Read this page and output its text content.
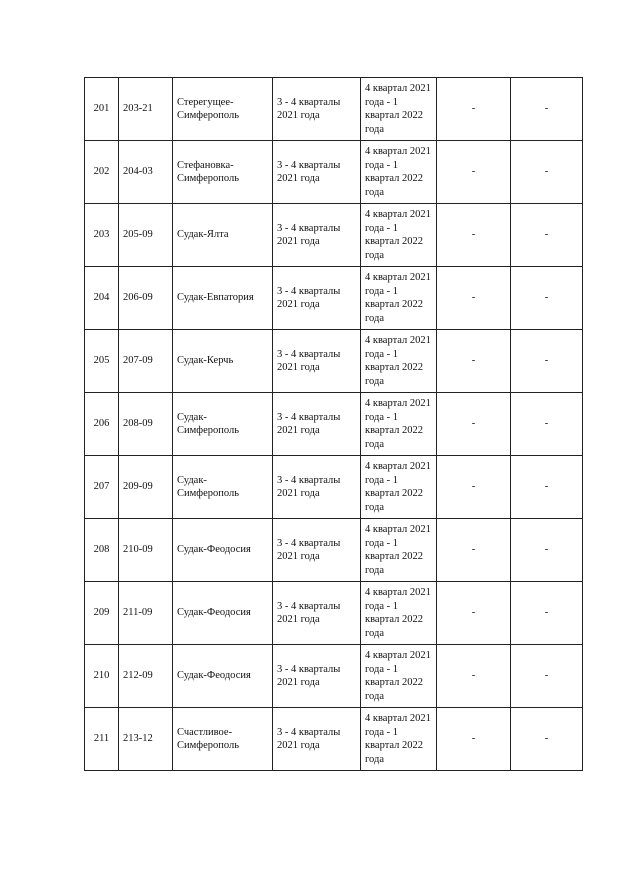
201	203-21	Стерегущее-Симферополь	3 - 4 кварталы 2021 года	4 квартал 2021 года - 1 квартал 2022 года	-	-
202	204-03	Стефановка-Симферополь	3 - 4 кварталы 2021 года	4 квартал 2021 года - 1 квартал 2022 года	-	-
203	205-09	Судак-Ялта	3 - 4 кварталы 2021 года	4 квартал 2021 года - 1 квартал 2022 года	-	-
204	206-09	Судак-Евпатория	3 - 4 кварталы 2021 года	4 квартал 2021 года - 1 квартал 2022 года	-	-
205	207-09	Судак-Керчь	3 - 4 кварталы 2021 года	4 квартал 2021 года - 1 квартал 2022 года	-	-
206	208-09	Судак-Симферополь	3 - 4 кварталы 2021 года	4 квартал 2021 года - 1 квартал 2022 года	-	-
207	209-09	Судак-Симферополь	3 - 4 кварталы 2021 года	4 квартал 2021 года - 1 квартал 2022 года	-	-
208	210-09	Судак-Феодосия	3 - 4 кварталы 2021 года	4 квартал 2021 года - 1 квартал 2022 года	-	-
209	211-09	Судак-Феодосия	3 - 4 кварталы 2021 года	4 квартал 2021 года - 1 квартал 2022 года	-	-
210	212-09	Судак-Феодосия	3 - 4 кварталы 2021 года	4 квартал 2021 года - 1 квартал 2022 года	-	-
211	213-12	Счастливое-Симферополь	3 - 4 кварталы 2021 года	4 квартал 2021 года - 1 квартал 2022 года	-	-
